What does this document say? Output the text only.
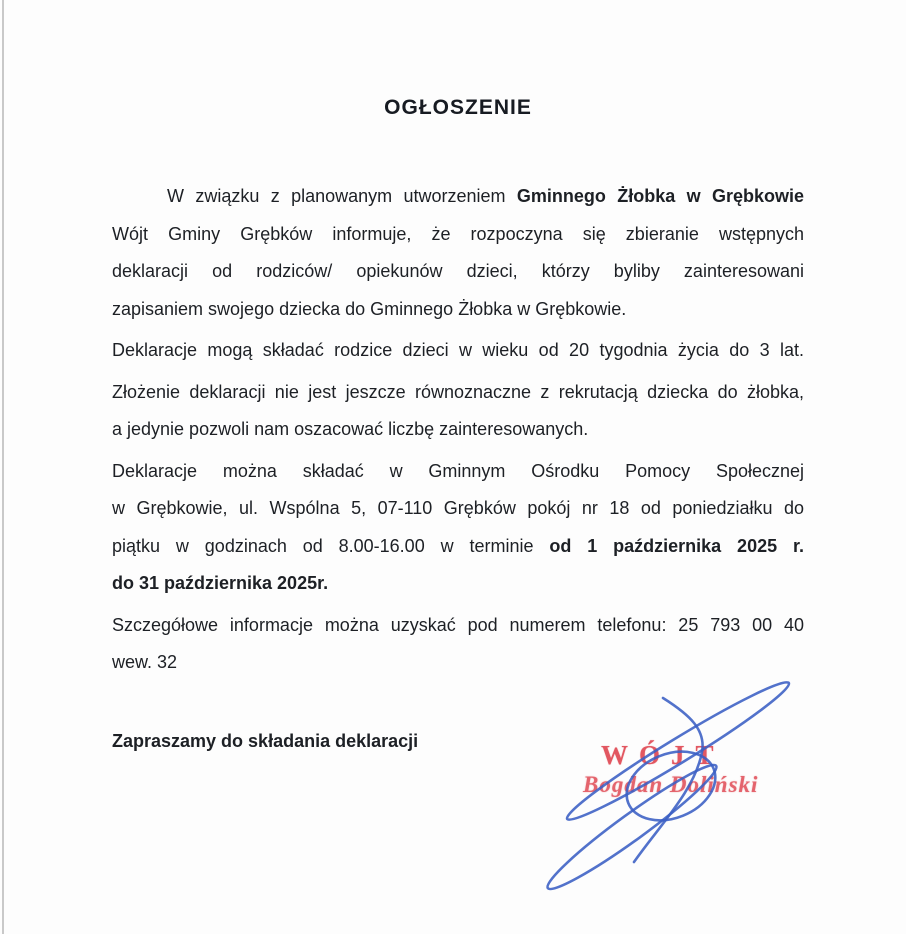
OGŁOSZENIE
W związku z planowanym utworzeniem Gminnego Żłobka w Grębkowie
Wójt Gminy Grębków informuje, że rozpoczyna się zbieranie wstępnych
deklaracji od rodziców/ opiekunów dzieci, którzy byliby zainteresowani
zapisaniem swojego dziecka do Gminnego Żłobka w Grębkowie.
Deklaracje mogą składać rodzice dzieci w wieku od 20 tygodnia życia do 3 lat.
Złożenie deklaracji nie jest jeszcze równoznaczne z rekrutacją dziecka do żłobka,
a jedynie pozwoli nam oszacować liczbę zainteresowanych.
Deklaracje można składać w Gminnym Ośrodku Pomocy Społecznej
w Grębkowie, ul. Wspólna 5, 07-110 Grębków pokój nr 18 od poniedziałku do
piątku w godzinach od 8.00-16.00 w terminie od 1 października 2025 r.
do 31 października 2025r.
Szczegółowe informacje można uzyskać pod numerem telefonu: 25 793 00 40
wew. 32
Zapraszamy do składania deklaracji	WÓJT
Bogdan Doliński
